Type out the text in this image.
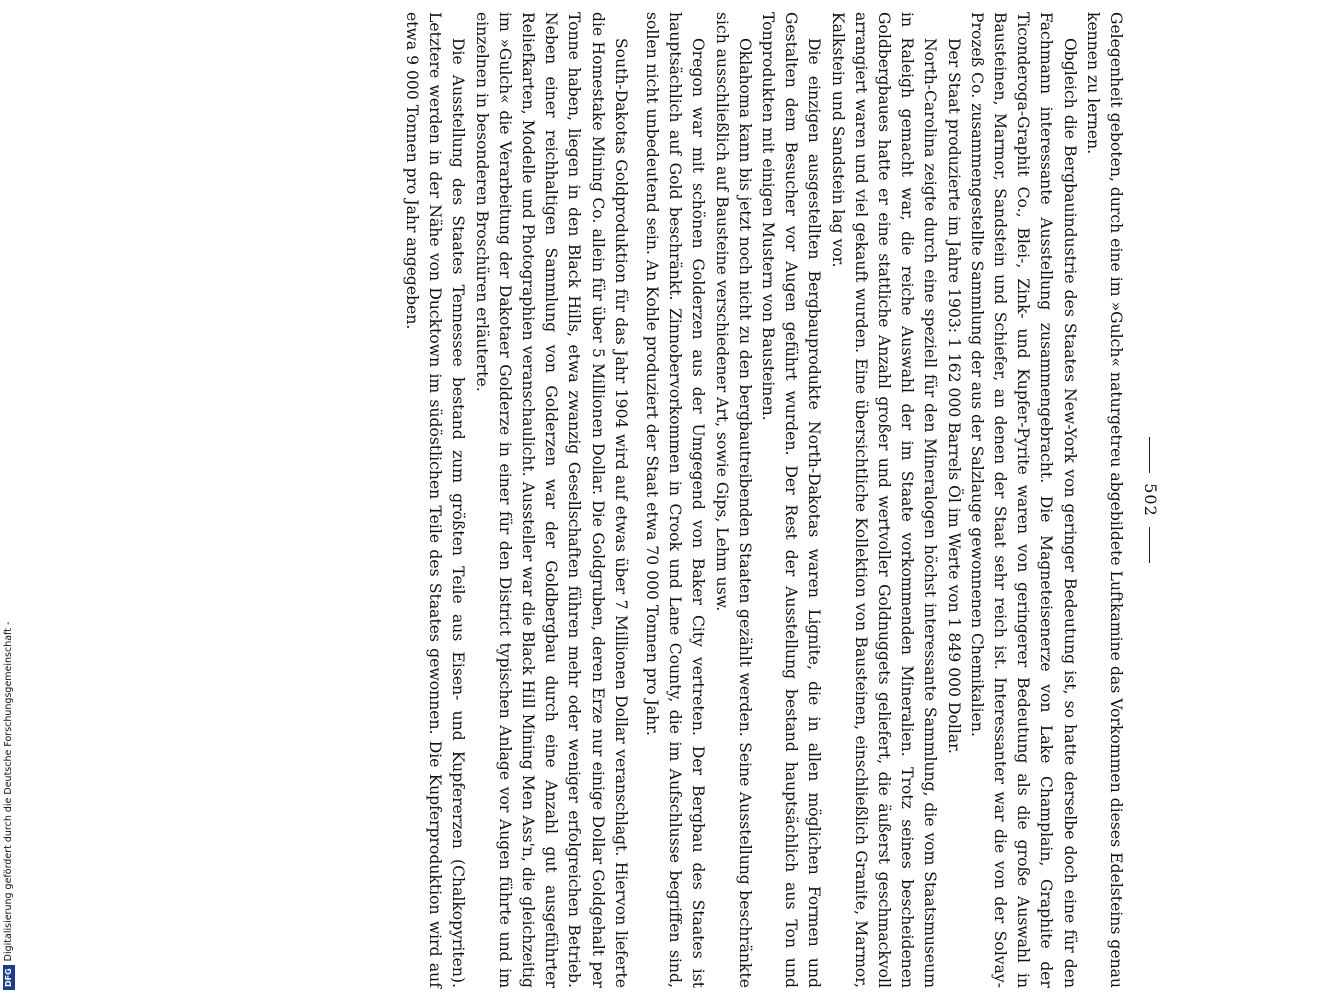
DFGDigitalisierung gefördert durch die Deutsche Forschungsgemeinschaft -
502

Gelegenheit geboten, durch eine im »Gulch« naturgetreu abgebildete Luftkamine das Vorkommen dieses Edelsteins genau kennen zu lernen.

Obgleich die Bergbauindustrie des Staates New-York von geringer Bedeutung ist, so hatte derselbe doch eine für den Fachmann interessante Ausstellung zusammengebracht. Die Magneteisenerze von Lake Champlain, Graphite der Ticonderoga-Graphit Co., Blei-, Zink- und Kupfer-Pyrite waren von geringerer Bedeutung als die große Auswahl in Bausteinen, Marmor, Sandstein und Schiefer, an denen der Staat sehr reich ist. Interessanter war die von der Solvay-Prozeß Co. zusammengestellte Sammlung der aus der Salzlauge gewonnenen Chemikalien.

Der Staat produzierte im Jahre 1903: 1 162 000 Barrels Öl im Werte von 1 849 000 Dollar.

North-Carolina zeigte durch eine speziell für den Mineralogen höchst interessante Sammlung, die vom Staatsmuseum in Raleigh gemacht war, die reiche Auswahl der im Staate vorkommenden Mineralien. Trotz seines bescheidenen Goldbergbaues hatte er eine stattliche Anzahl großer und wertvoller Goldnuggets geliefert, die äußerst geschmackvoll arrangiert waren und viel gekauft wurden. Eine übersichtliche Kollektion von Bausteinen, einschließlich Granite, Marmor, Kalkstein und Sandstein lag vor.

Die einzigen ausgestellten Bergbauprodukte North-Dakotas waren Lignite, die in allen möglichen Formen und Gestalten dem Besucher vor Augen geführt wurden. Der Rest der Ausstellung bestand hauptsächlich aus Ton und Tonprodukten mit einigen Mustern von Bausteinen.

Oklahoma kann bis jetzt noch nicht zu den bergbautreibenden Staaten gezählt werden. Seine Ausstellung beschränkte sich ausschließlich auf Bausteine verschiedener Art, sowie Gips, Lehm usw.

Oregon war mit schönen Golderzen aus der Umgegend von Baker City vertreten. Der Bergbau des Staates ist hauptsächlich auf Gold beschränkt. Zinnobervorkommen in Crook und Lane County, die im Aufschlusse begriffen sind, sollen nicht unbedeutend sein. An Kohle produziert der Staat etwa 70 000 Tonnen pro Jahr.

South-Dakotas Goldproduktion für das Jahr 1904 wird auf etwas über 7 Millionen Dollar veranschlagt. Hiervon lieferte die Homestake Mining Co. allein für über 5 Millionen Dollar. Die Goldgruben, deren Erze nur einige Dollar Goldgehalt per Tonne haben, liegen in den Black Hills, etwa zwanzig Gesellschaften führen mehr oder weniger erfolgreichen Betrieb. Neben einer reichhaltigen Sammlung von Golderzen war der Goldbergbau durch eine Anzahl gut ausgeführter Reliefkarten, Modelle und Photographien veranschaulicht. Aussteller war die Black Hill Mining Men Ass'n, die gleichzeitig im »Gulch« die Verarbeitung der Dakotaer Golderze in einer für den District typischen Anlage vor Augen führte und im einzelnen in besonderen Broschüren erläuterte.

Die Ausstellung des Staates Tennessee bestand zum größten Teile aus Eisen- und Kupfererzen (Chalkopyriten). Letztere werden in der Nähe von Ducktown im südöstlichen Teile des Staates gewonnen. Die Kupferproduktion wird auf etwa 9 000 Tonnen pro Jahr angegeben.
